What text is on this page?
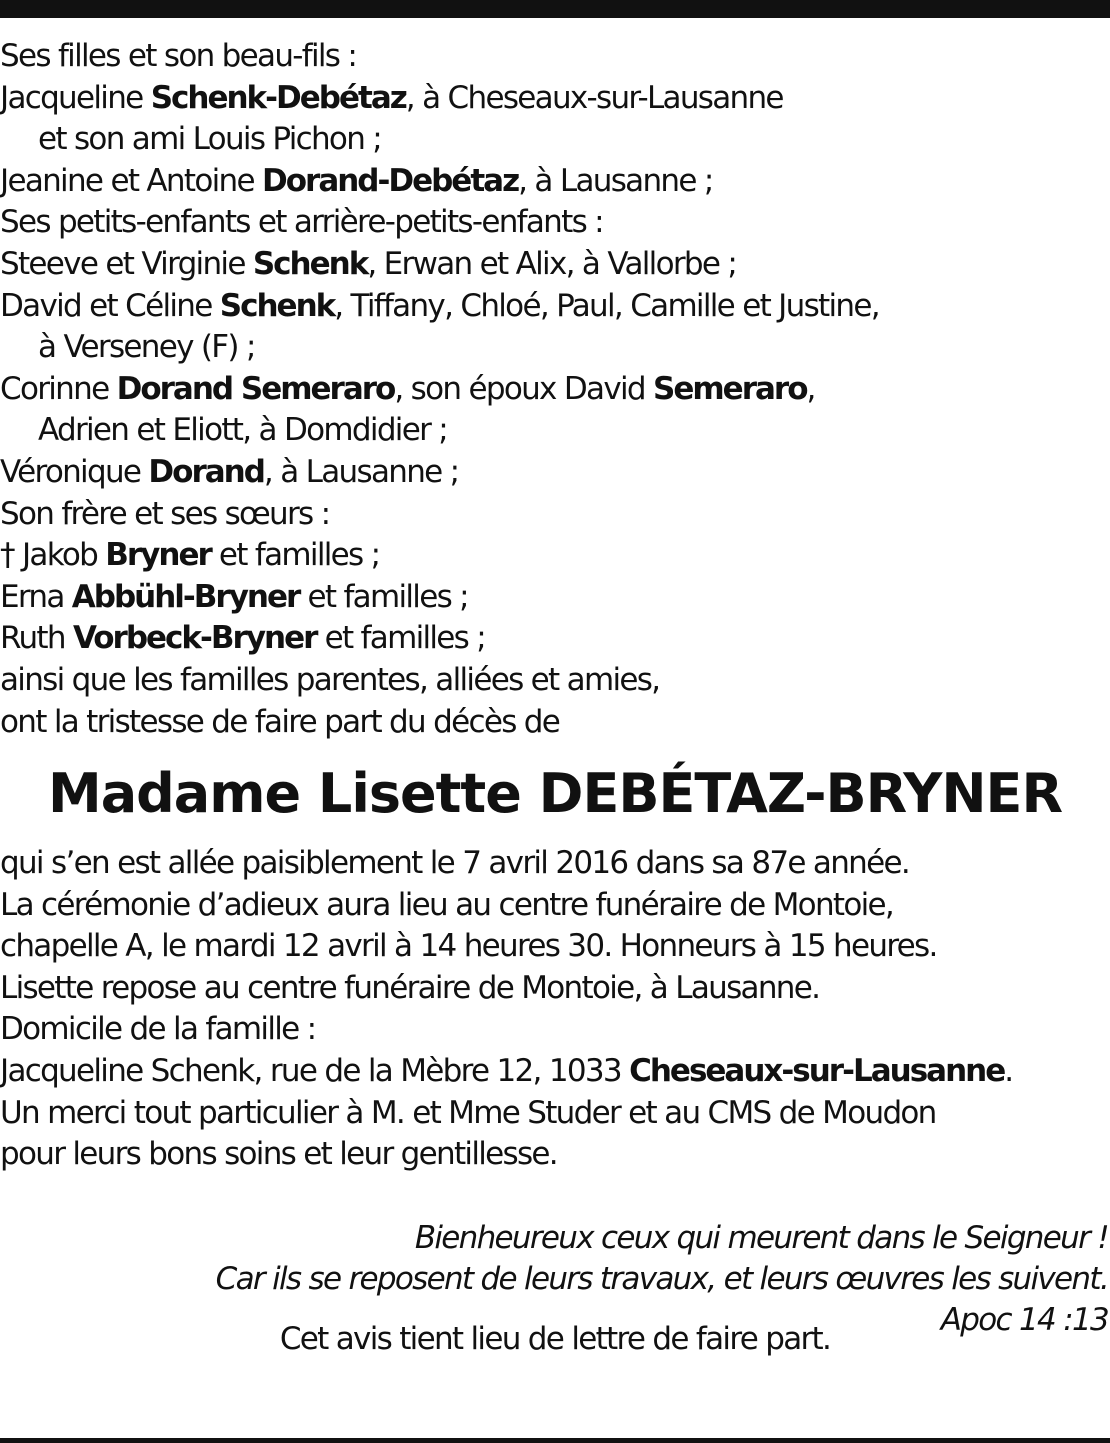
Ses filles et son beau-fils :
Jacqueline Schenk-Debétaz, à Cheseaux-sur-Lausanne
et son ami Louis Pichon ;
Jeanine et Antoine Dorand-Debétaz, à Lausanne ;
Ses petits-enfants et arrière-petits-enfants :
Steeve et Virginie Schenk, Erwan et Alix, à Vallorbe ;
David et Céline Schenk, Tiffany, Chloé, Paul, Camille et Justine,
à Verseney (F) ;
Corinne Dorand Semeraro, son époux David Semeraro,
Adrien et Eliott, à Domdidier ;
Véronique Dorand, à Lausanne ;
Son frère et ses sœurs :
† Jakob Bryner et familles ;
Erna Abbühl-Bryner et familles ;
Ruth Vorbeck-Bryner et familles ;
ainsi que les familles parentes, alliées et amies,
ont la tristesse de faire part du décès de
Madame Lisette DEBÉTAZ-BRYNER
qui s’en est allée paisiblement le 7 avril 2016 dans sa 87e année.
La cérémonie d’adieux aura lieu au centre funéraire de Montoie,
chapelle A, le mardi 12 avril à 14 heures 30. Honneurs à 15 heures.
Lisette repose au centre funéraire de Montoie, à Lausanne.
Domicile de la famille :
Jacqueline Schenk, rue de la Mèbre 12, 1033 Cheseaux-sur-Lausanne.
Un merci tout particulier à M. et Mme Studer et au CMS de Moudon
pour leurs bons soins et leur gentillesse.
Bienheureux ceux qui meurent dans le Seigneur !
Car ils se reposent de leurs travaux, et leurs œuvres les suivent.
Apoc 14 :13
Cet avis tient lieu de lettre de faire part.
